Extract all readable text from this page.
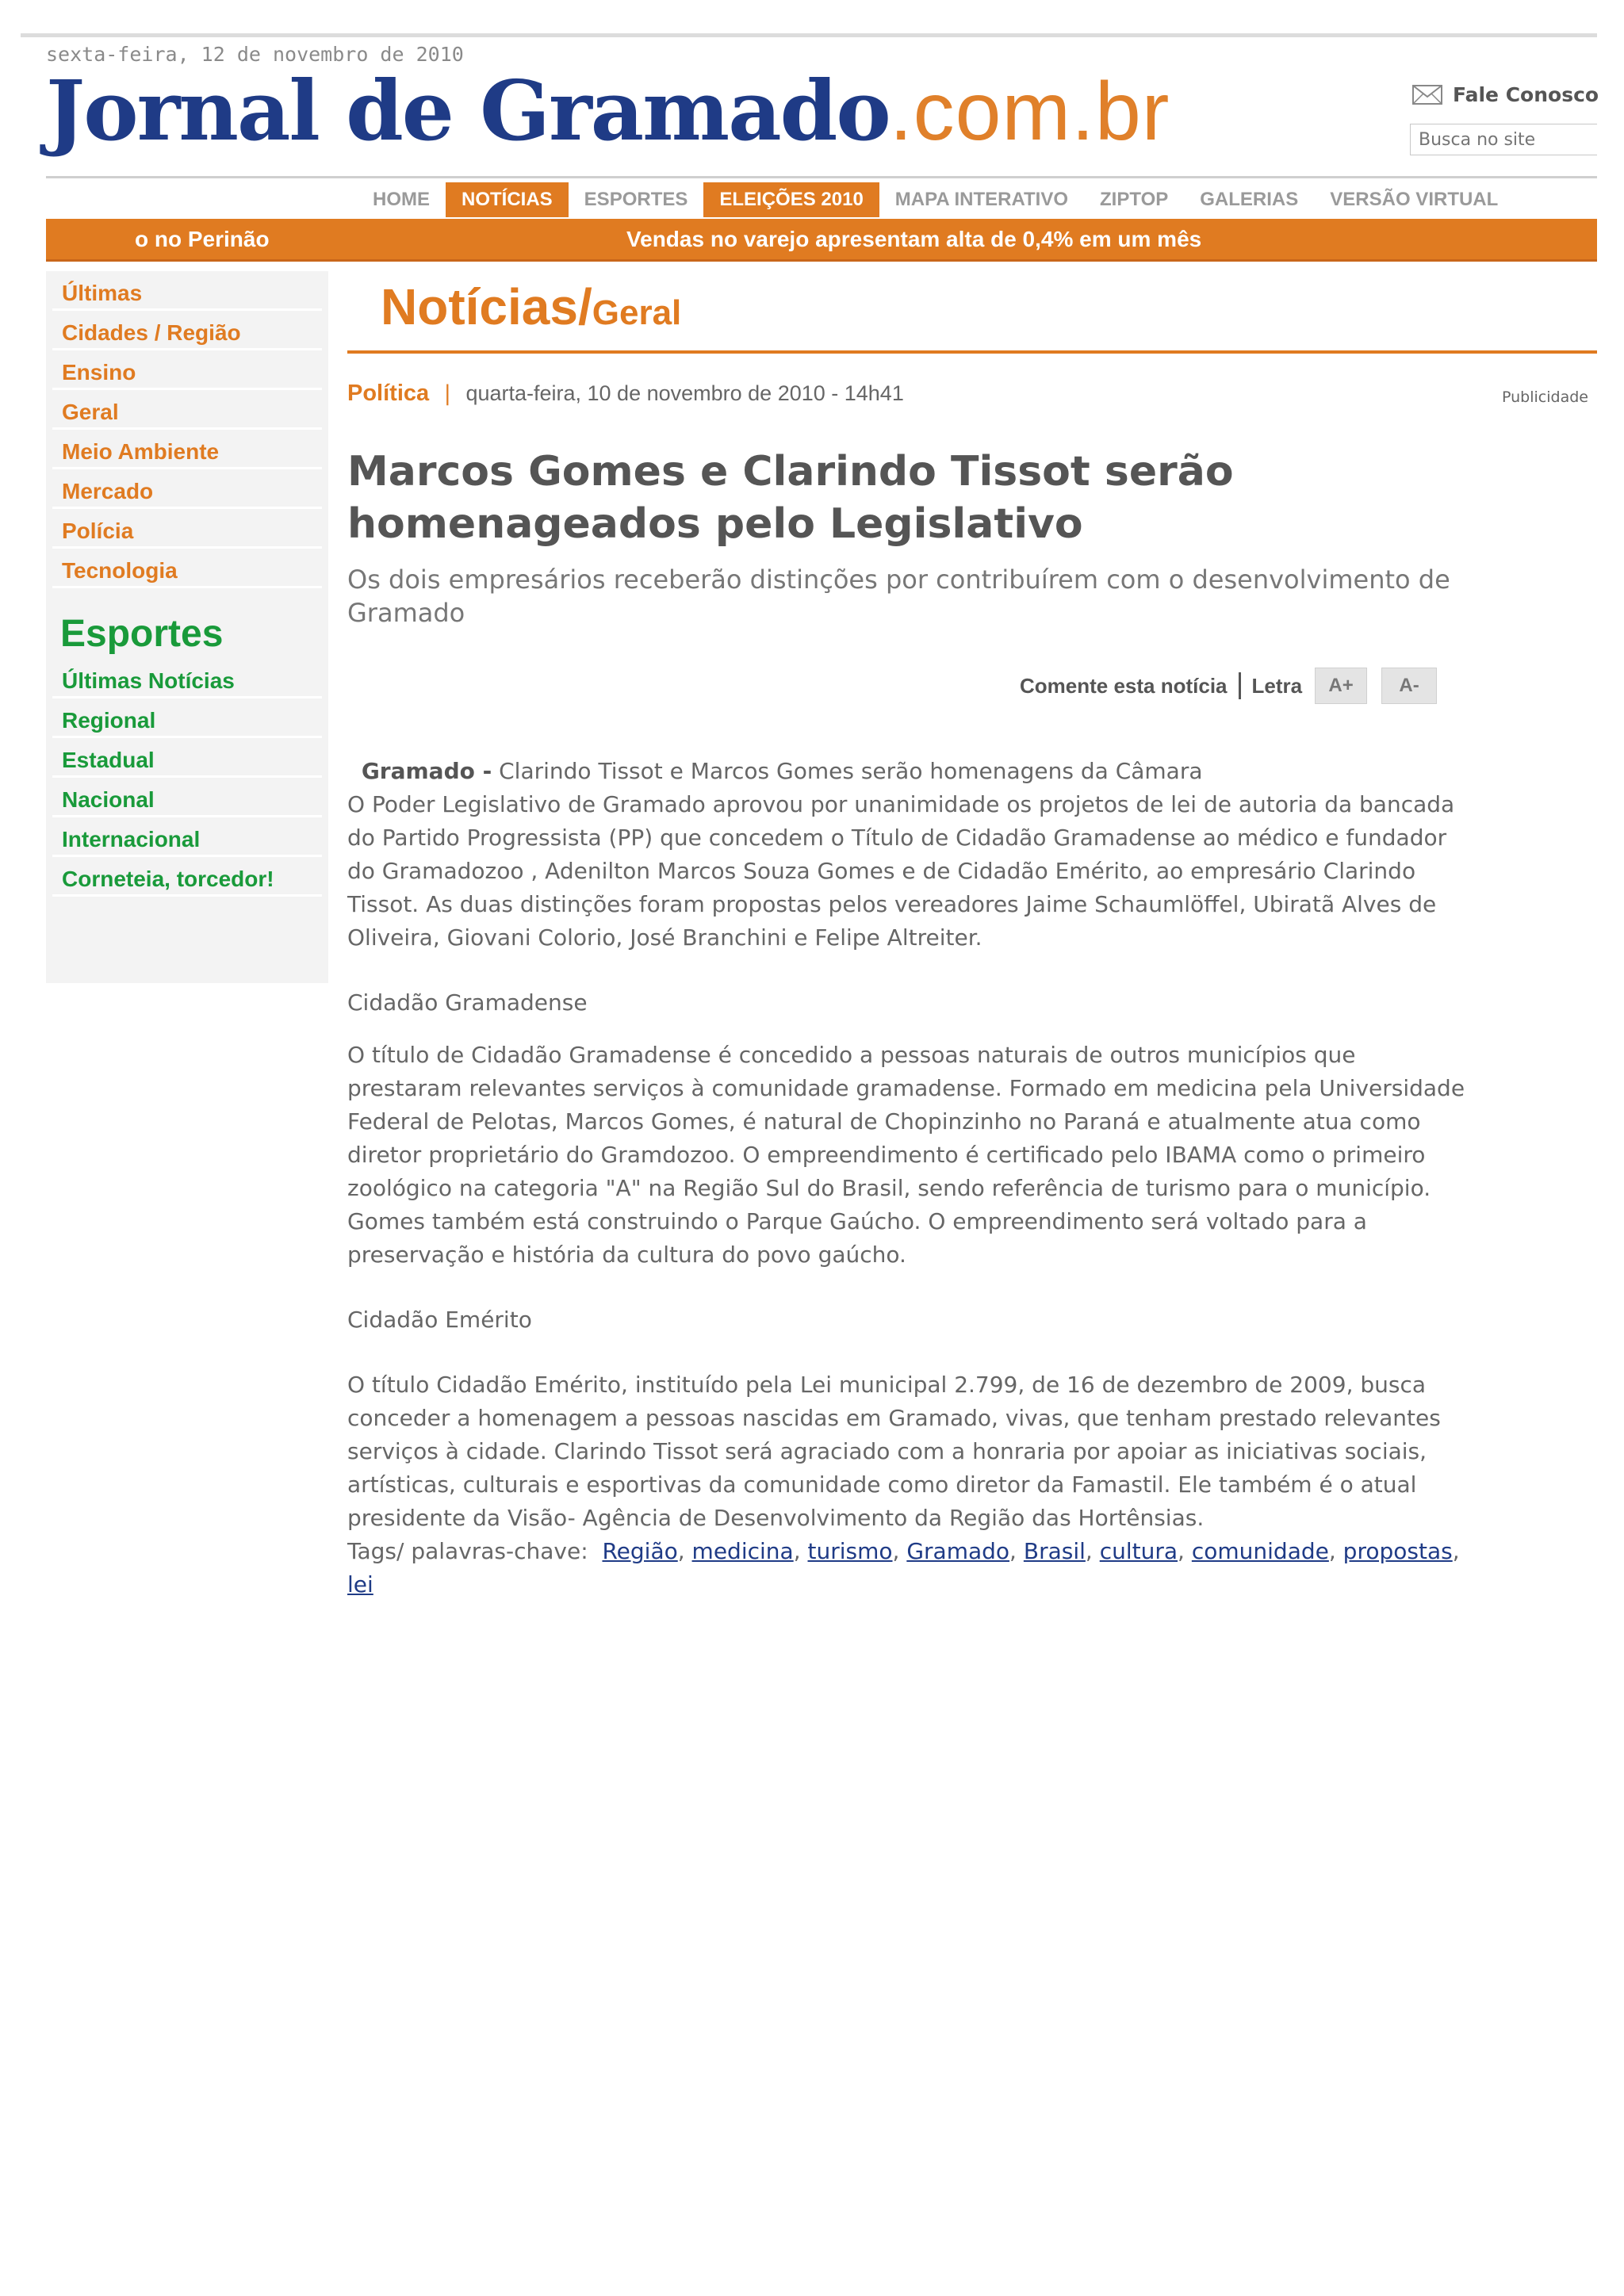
sexta-feira, 12 de novembro de 2010
Jornal de Gramado .com.br	Fale Conosco
Busca no site
HOME	NOTÍCIAS	ESPORTES	ELEIÇÕES 2010	MAPA INTERATIVO	ZIPTOP	GALERIAS	VERSÃO VIRTUAL
o no Perinão	Vendas no varejo apresentam alta de 0,4% em um mês
Últimas
Cidades / Região
Ensino
Geral
Meio Ambiente
Mercado
Polícia
Tecnologia
Esportes
Últimas Notícias
Regional
Estadual
Nacional
Internacional
Corneteia, torcedor!
Notícias/Geral
Política | quarta-feira, 10 de novembro de 2010 - 14h41	Publicidade
Marcos Gomes e Clarindo Tissot serão homenageados pelo Legislativo

Os dois empresários receberão distinções por contribuírem com o desenvolvimento de Gramado

Comente esta notícia Letra	A+	A-

Gramado - Clarindo Tissot e Marcos Gomes serão homenagens da Câmara

O Poder Legislativo de Gramado aprovou por unanimidade os projetos de lei de autoria da bancada do Partido Progressista (PP) que concedem o Título de Cidadão Gramadense ao médico e fundador do Gramadozoo , Adenilton Marcos Souza Gomes e de Cidadão Emérito, ao empresário Clarindo Tissot. As duas distinções foram propostas pelos vereadores Jaime Schaumlöffel, Ubiratã Alves de Oliveira, Giovani Colorio, José Branchini e Felipe Altreiter.

Cidadão Gramadense

O título de Cidadão Gramadense é concedido a pessoas naturais de outros municípios que prestaram relevantes serviços à comunidade gramadense. Formado em medicina pela Universidade Federal de Pelotas, Marcos Gomes, é natural de Chopinzinho no Paraná e atualmente atua como diretor proprietário do Gramdozoo. O empreendimento é certificado pelo IBAMA como o primeiro zoológico na categoria "A" na Região Sul do Brasil, sendo referência de turismo para o município. Gomes também está construindo o Parque Gaúcho. O empreendimento será voltado para a preservação e história da cultura do povo gaúcho.

Cidadão Emérito

O título Cidadão Emérito, instituído pela Lei municipal 2.799, de 16 de dezembro de 2009, busca conceder a homenagem a pessoas nascidas em Gramado, vivas, que tenham prestado relevantes serviços à cidade. Clarindo Tissot será agraciado com a honraria por apoiar as iniciativas sociais, artísticas, culturais e esportivas da comunidade como diretor da Famastil. Ele também é o atual presidente da Visão- Agência de Desenvolvimento da Região das Hortênsias.

Tags/ palavras-chave: Região, medicina, turismo, Gramado, Brasil, cultura, comunidade, propostas, lei
